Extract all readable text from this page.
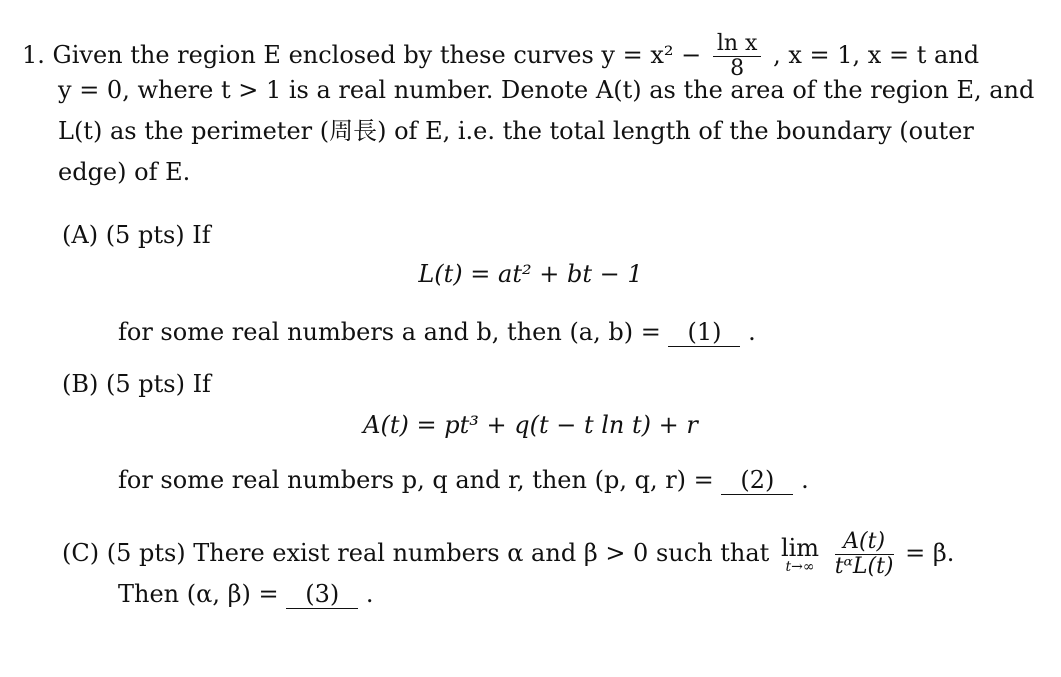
1. Given the region E enclosed by these curves $y = x^2 - \frac{\text{ln x}}{8}$ , x = 1, x = t and
y = 0, where t > 1 is a real number. Denote A(t) as the area of the region E, and
L(t) as the perimeter (周長) of E, i.e. the total length of the boundary (outer
edge) of E.
(A) (5 pts) If
L(t) = at² + bt − 1
for some real numbers a and b, then (a, b) = (1) .
(B) (5 pts) If
A(t) = pt³ + q(t − t ln t) + r
for some real numbers p, q and r, then (p, q, r) = (2) .
(C) (5 pts) There exist real numbers α and β > 0 such that lim
t→∞
$\frac{A(t)}{\text{tᵅL(t)}} = \beta$.
Then (α, β) = (3) .
